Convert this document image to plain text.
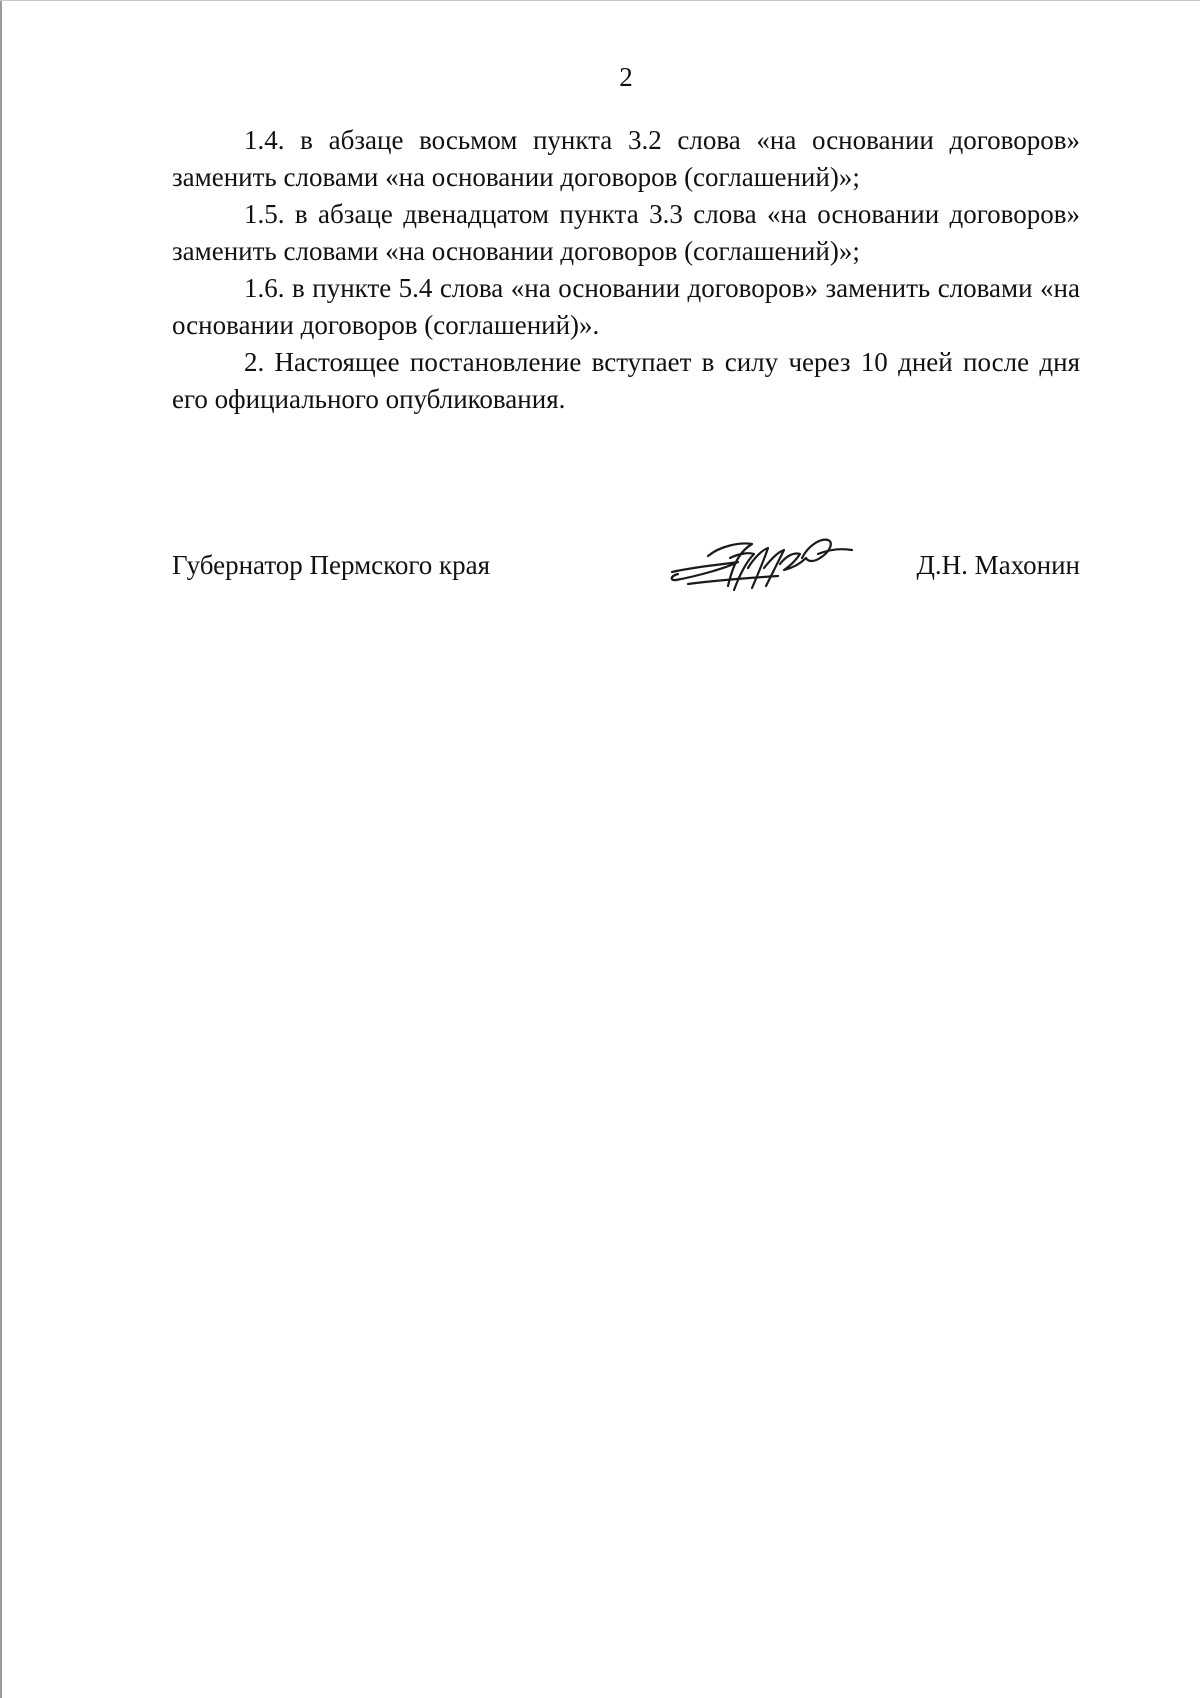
2

1.4. в абзаце восьмом пункта 3.2 слова «на основании договоров» заменить словами «на основании договоров (соглашений)»;

1.5. в абзаце двенадцатом пункта 3.3 слова «на основании договоров» заменить словами «на основании договоров (соглашений)»;

1.6. в пункте 5.4 слова «на основании договоров» заменить словами «на основании договоров (соглашений)».

2. Настоящее постановление вступает в силу через 10 дней после дня его официального опубликования.

Губернатор Пермского края	Д.Н. Махонин
